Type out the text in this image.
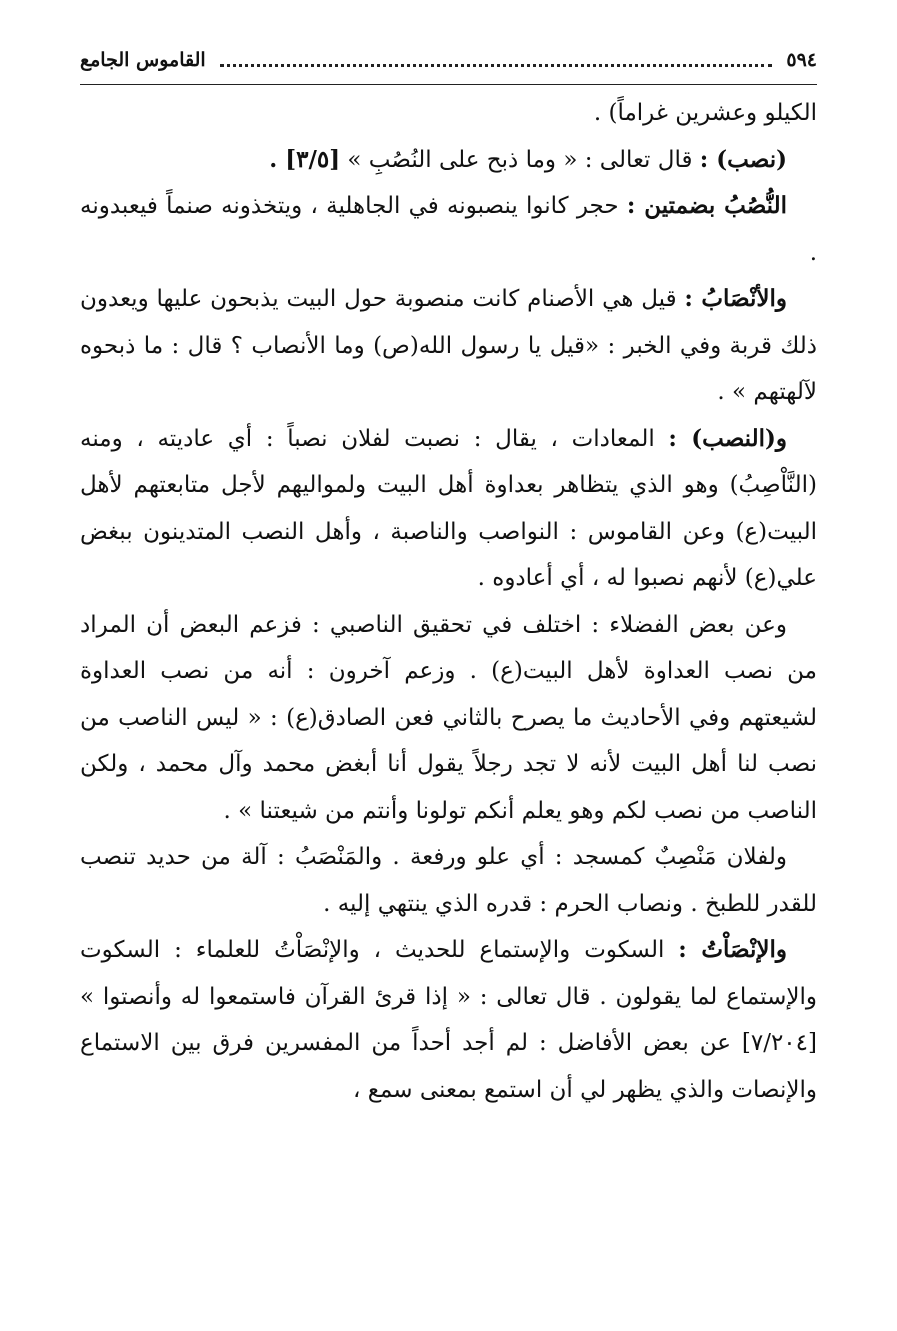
٥٩٤
القاموس الجامع

الكيلو وعشرين غراماً) .

(نصب) : قال تعالى : « وما ذبح على النُصُبِ » [٣/٥] .

النُّصُبُ بضمتين : حجر كانوا ينصبونه في الجاهلية ، ويتخذونه صنماً فيعبدونه .

والأنْصَابُ : قيل هي الأصنام كانت منصوبة حول البيت يذبحون عليها ويعدون ذلك قربة وفي الخبر : «قيل يا رسول الله(ص) وما الأنصاب ؟ قال : ما ذبحوه لآلهتهم » .

و(النصب) : المعادات ، يقال : نصبت لفلان نصباً : أي عاديته ، ومنه (النَّاْصِبُ) وهو الذي يتظاهر بعداوة أهل البيت ولمواليهم لأجل متابعتهم لأهل البيت(ع) وعن القاموس : النواصب والناصبة ، وأهل النصب المتدينون ببغض علي(ع) لأنهم نصبوا له ، أي أعادوه .

وعن بعض الفضلاء : اختلف في تحقيق الناصبي : فزعم البعض أن المراد من نصب العداوة لأهل البيت(ع) . وزعم آخرون : أنه من نصب العداوة لشيعتهم وفي الأحاديث ما يصرح بالثاني فعن الصادق(ع) : « ليس الناصب من نصب لنا أهل البيت لأنه لا تجد رجلاً يقول أنا أبغض محمد وآل محمد ، ولكن الناصب من نصب لكم وهو يعلم أنكم تولونا وأنتم من شيعتنا » .

ولفلان مَنْصِبٌ كمسجد : أي علو ورفعة . والمَنْصَبُ : آلة من حديد تنصب للقدر للطبخ . ونصاب الحرم : قدره الذي ينتهي إليه .

والإنْصَاْتُ : السكوت والإستماع للحديث ، والإنْصَاْتُ للعلماء : السكوت والإستماع لما يقولون . قال تعالى : « إذا قرئ القرآن فاستمعوا له وأنصتوا » [٧/٢٠٤] عن بعض الأفاضل : لم أجد أحداً من المفسرين فرق بين الاستماع والإنصات والذي يظهر لي أن استمع بمعنى سمع ،
